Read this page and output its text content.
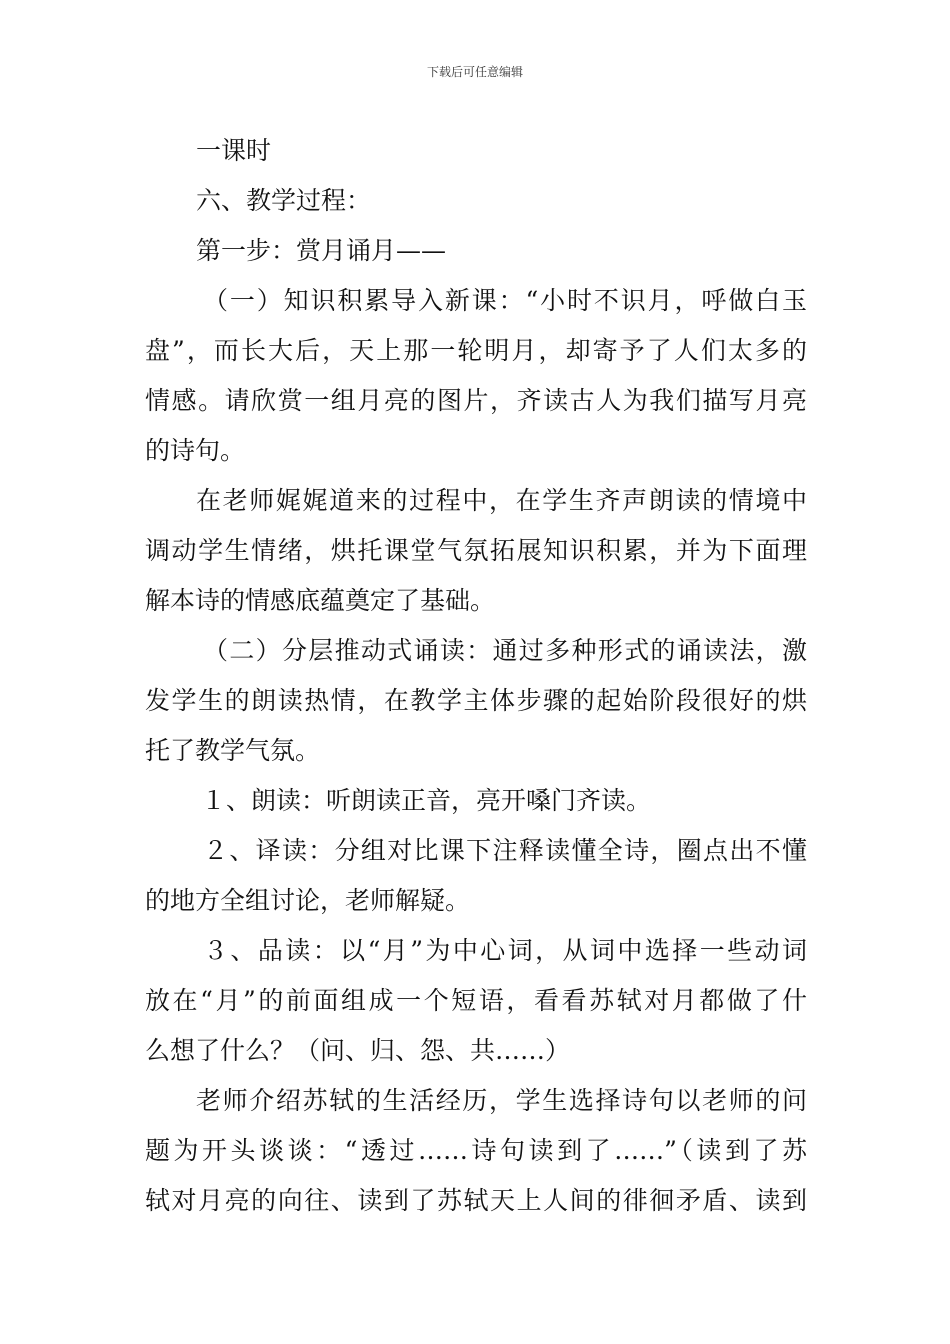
下载后可任意编辑
一课时
六、教学过程：
第一步：赏月诵月——
（一）知识积累导入新课：“小时不识月，呼做白玉
盘”，而长大后，天上那一轮明月，却寄予了人们太多的
情感。请欣赏一组月亮的图片，齐读古人为我们描写月亮
的诗句。
在老师娓娓道来的过程中，在学生齐声朗读的情境中
调动学生情绪，烘托课堂气氛拓展知识积累，并为下面理
解本诗的情感底蕴奠定了基础。
（二）分层推动式诵读：通过多种形式的诵读法，激
发学生的朗读热情，在教学主体步骤的起始阶段很好的烘
托了教学气氛。
１、朗读：听朗读正音，亮开嗓门齐读。
２、译读：分组对比课下注释读懂全诗，圈点出不懂
的地方全组讨论，老师解疑。
３、品读：以“月”为中心词，从词中选择一些动词
放在“月”的前面组成一个短语，看看苏轼对月都做了什
么想了什么？（问、归、怨、共……）
老师介绍苏轼的生活经历，学生选择诗句以老师的问
题为开头谈谈：“透过……诗句读到了……”（读到了苏
轼对月亮的向往、读到了苏轼天上人间的徘徊矛盾、读到
